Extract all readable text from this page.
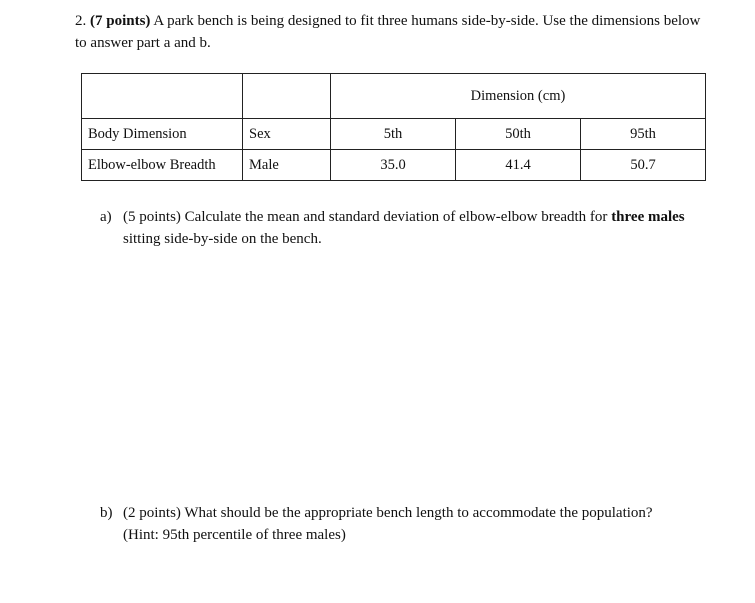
2. (7 points) A park bench is being designed to fit three humans side-by-side. Use the dimensions below to answer part a and b.

		Dimension (cm)		
Body Dimension	Sex	5th	50th	95th
Elbow-elbow Breadth	Male	35.0	41.4	50.7
a) (5 points) Calculate the mean and standard deviation of elbow-elbow breadth for three males sitting side-by-side on the bench.
b) (2 points) What should be the appropriate bench length to accommodate the population?
(Hint: 95th percentile of three males)
